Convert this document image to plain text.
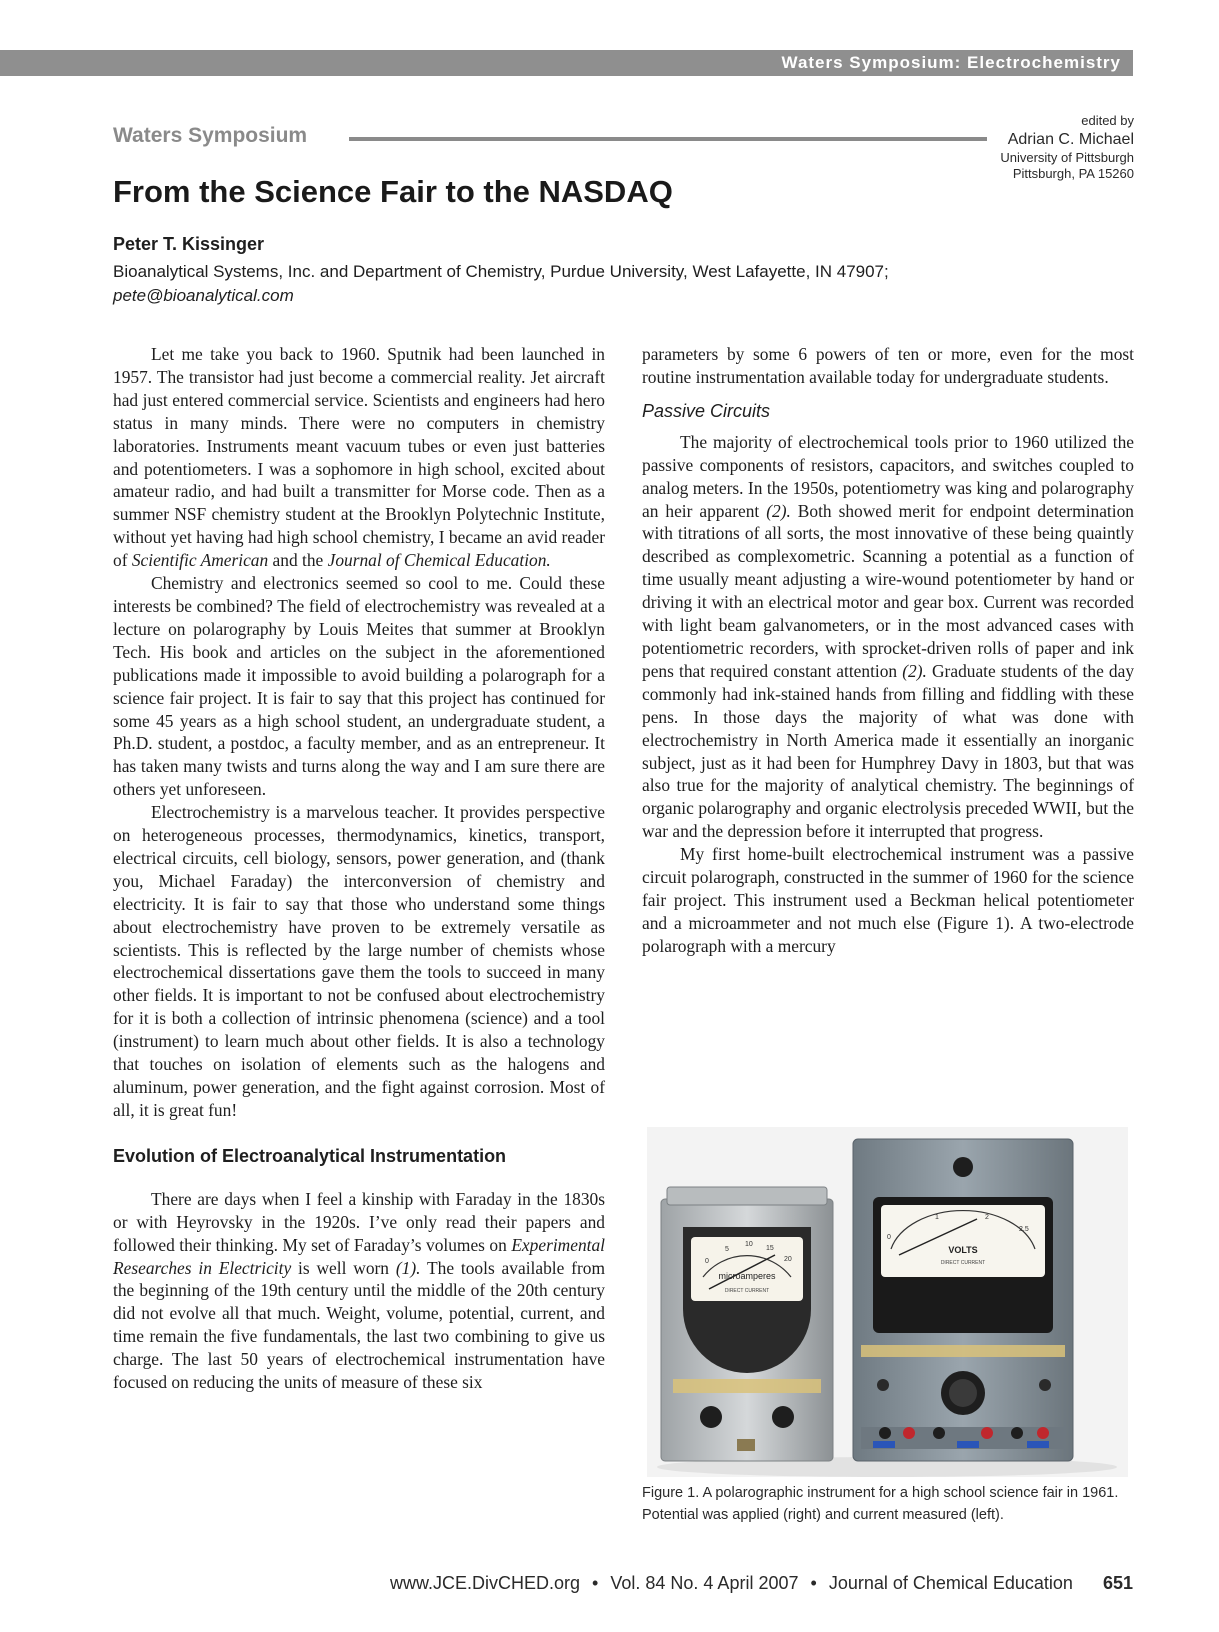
Waters Symposium: Electrochemistry
Waters Symposium
edited by
Adrian C. Michael
University of Pittsburgh
Pittsburgh, PA 15260
From the Science Fair to the NASDAQ
Peter T. Kissinger
Bioanalytical Systems, Inc. and Department of Chemistry, Purdue University, West Lafayette, IN 47907;
pete@bioanalytical.com

Let me take you back to 1960. Sputnik had been launched in 1957. The transistor had just become a commercial reality. Jet aircraft had just entered commercial service. Scientists and engineers had hero status in many minds. There were no computers in chemistry laboratories. Instruments meant vacuum tubes or even just batteries and potentiometers. I was a sophomore in high school, excited about amateur radio, and had built a transmitter for Morse code. Then as a summer NSF chemistry student at the Brooklyn Polytechnic Institute, without yet having had high school chemistry, I became an avid reader of Scientific American and the Journal of Chemical Education.

Chemistry and electronics seemed so cool to me. Could these interests be combined? The field of electrochemistry was revealed at a lecture on polarography by Louis Meites that summer at Brooklyn Tech. His book and articles on the subject in the aforementioned publications made it impossible to avoid building a polarograph for a science fair project. It is fair to say that this project has continued for some 45 years as a high school student, an undergraduate student, a Ph.D. student, a postdoc, a faculty member, and as an entrepreneur. It has taken many twists and turns along the way and I am sure there are others yet unforeseen.

Electrochemistry is a marvelous teacher. It provides perspective on heterogeneous processes, thermodynamics, kinetics, transport, electrical circuits, cell biology, sensors, power generation, and (thank you, Michael Faraday) the interconversion of chemistry and electricity. It is fair to say that those who understand some things about electrochemistry have proven to be extremely versatile as scientists. This is reflected by the large number of chemists whose electrochemical dissertations gave them the tools to succeed in many other fields. It is important to not be confused about electrochemistry for it is both a collection of intrinsic phenomena (science) and a tool (instrument) to learn much about other fields. It is also a technology that touches on isolation of elements such as the halogens and aluminum, power generation, and the fight against corrosion. Most of all, it is great fun!

Evolution of Electroanalytical Instrumentation

There are days when I feel a kinship with Faraday in the 1830s or with Heyrovsky in the 1920s. I’ve only read their papers and followed their thinking. My set of Faraday’s volumes on Experimental Researches in Electricity is well worn (1). The tools available from the beginning of the 19th century until the middle of the 20th century did not evolve all that much. Weight, volume, potential, current, and time remain the five fundamentals, the last two combining to give us charge. The last 50 years of electrochemical instrumentation have focused on reducing the units of measure of these six

parameters by some 6 powers of ten or more, even for the most routine instrumentation available today for undergraduate students.

Passive Circuits

The majority of electrochemical tools prior to 1960 utilized the passive components of resistors, capacitors, and switches coupled to analog meters. In the 1950s, potentiometry was king and polarography an heir apparent (2). Both showed merit for endpoint determination with titrations of all sorts, the most innovative of these being quaintly described as complexometric. Scanning a potential as a function of time usually meant adjusting a wire-wound potentiometer by hand or driving it with an electrical motor and gear box. Current was recorded with light beam galvanometers, or in the most advanced cases with potentiometric recorders, with sprocket-driven rolls of paper and ink pens that required constant attention (2). Graduate students of the day commonly had ink-stained hands from filling and fiddling with these pens. In those days the majority of what was done with electrochemistry in North America made it essentially an inorganic subject, just as it had been for Humphrey Davy in 1803, but that was also true for the majority of analytical chemistry. The beginnings of organic polarography and organic electrolysis preceded WWII, but the war and the depression before it interrupted that progress.

My first home-built electrochemical instrument was a passive circuit polarograph, constructed in the summer of 1960 for the science fair project. This instrument used a Beckman helical potentiometer and a microammeter and not much else (Figure 1). A two-electrode polarograph with a mercury

microamperes
DIRECT CURRENT
0
5
10
15
20
VOLTS
DIRECT CURRENT
0
1	2
2.5
Figure 1. A polarographic instrument for a high school science fair in 1961. Potential was applied (right) and current measured (left).
www.JCE.DivCHED.org • Vol. 84 No. 4 April 2007 • Journal of Chemical Education 651
